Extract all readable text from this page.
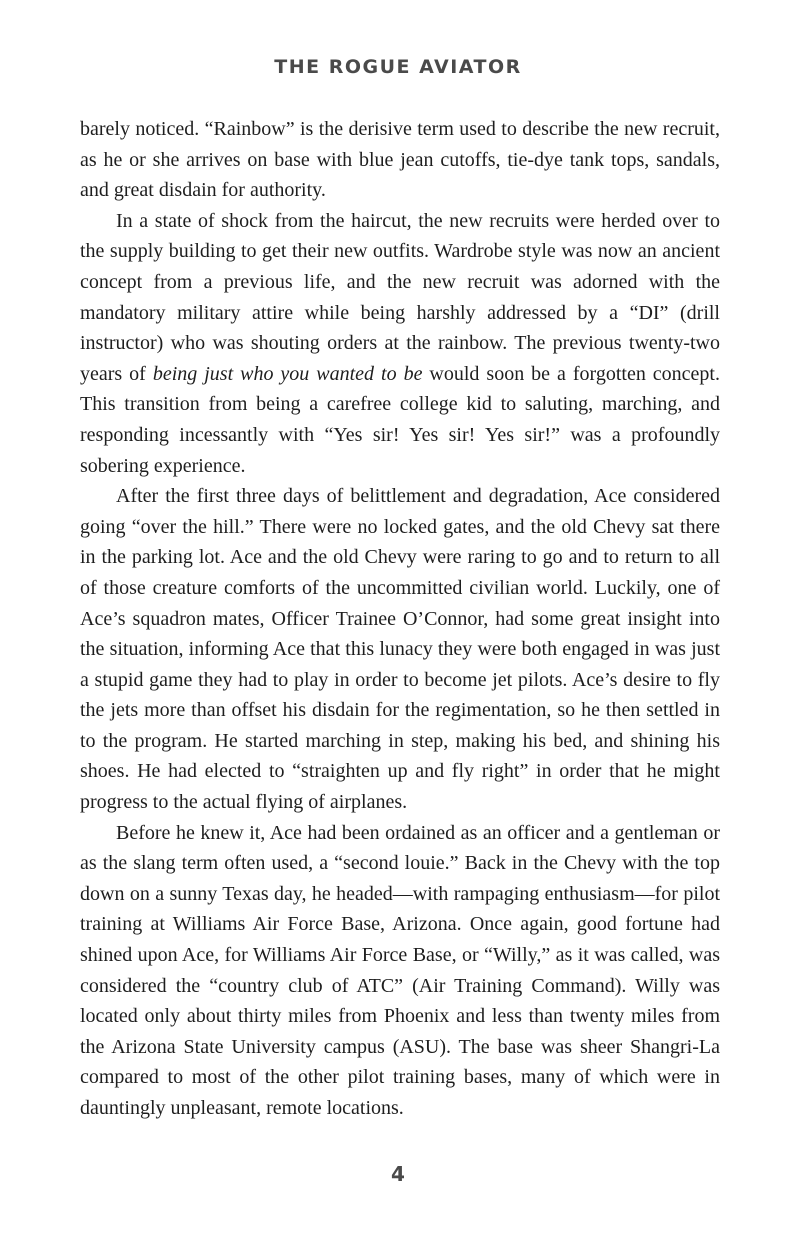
THE ROGUE AVIATOR

barely noticed. “Rainbow” is the derisive term used to describe the new recruit, as he or she arrives on base with blue jean cutoffs, tie-dye tank tops, sandals, and great disdain for authority.

In a state of shock from the haircut, the new recruits were herded over to the supply building to get their new outfits. Wardrobe style was now an ancient concept from a previous life, and the new recruit was adorned with the mandatory military attire while being harshly addressed by a “DI” (drill instructor) who was shouting orders at the rainbow. The previous twenty-two years of being just who you wanted to be would soon be a forgotten concept. This transition from being a carefree college kid to saluting, marching, and responding incessantly with “Yes sir! Yes sir! Yes sir!” was a profoundly sobering experience.

After the first three days of belittlement and degradation, Ace considered going “over the hill.” There were no locked gates, and the old Chevy sat there in the parking lot. Ace and the old Chevy were raring to go and to return to all of those creature comforts of the uncommitted civilian world. Luckily, one of Ace’s squadron mates, Officer Trainee O’Connor, had some great insight into the situation, informing Ace that this lunacy they were both engaged in was just a stupid game they had to play in order to become jet pilots. Ace’s desire to fly the jets more than offset his disdain for the regimentation, so he then settled in to the program. He started marching in step, making his bed, and shining his shoes. He had elected to “straighten up and fly right” in order that he might progress to the actual flying of airplanes.

Before he knew it, Ace had been ordained as an officer and a gentleman or as the slang term often used, a “second louie.” Back in the Chevy with the top down on a sunny Texas day, he headed—with rampaging enthusiasm—for pilot training at Williams Air Force Base, Arizona. Once again, good fortune had shined upon Ace, for Williams Air Force Base, or “Willy,” as it was called, was considered the “country club of ATC” (Air Training Command). Willy was located only about thirty miles from Phoenix and less than twenty miles from the Arizona State University campus (ASU). The base was sheer Shangri-La compared to most of the other pilot training bases, many of which were in dauntingly unpleasant, remote locations.

4
